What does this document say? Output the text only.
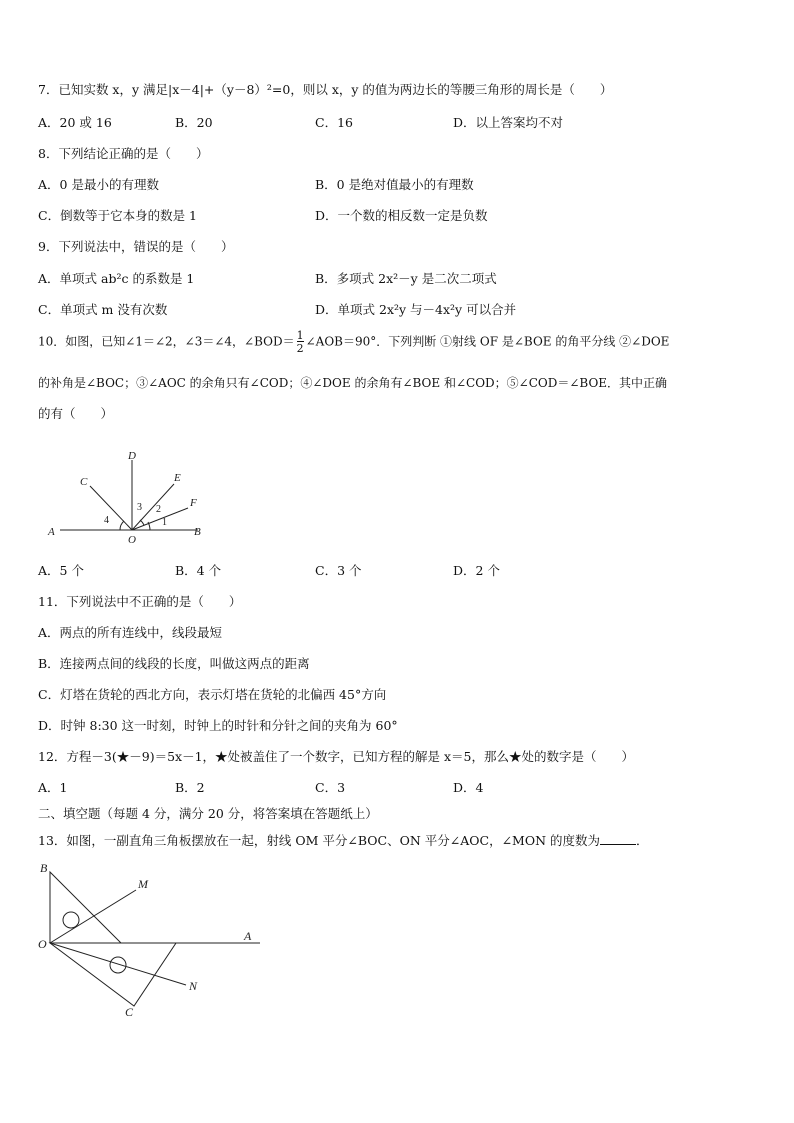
7．已知实数 x，y 满足|x－4|+（y－8）²=0，则以 x，y 的值为两边长的等腰三角形的周长是（　　）
A．20 或 16	B．20	C．16	D．以上答案均不对
8．下列结论正确的是（　　）
A．0 是最小的有理数	B．0 是绝对值最小的有理数
C．倒数等于它本身的数是 1	D．一个数的相反数一定是负数
9．下列说法中，错误的是（　　）
A．单项式 ab²c 的系数是 1	B．多项式 2x²－y 是二次二项式
C．单项式 m 没有次数	D．单项式 2x²y 与－4x²y 可以合并
10．如图，已知∠1＝∠2，∠3＝∠4，∠BOD＝ $\frac{1}{2}$ ∠AOB＝90°．下列判断 ①射线 OF 是∠BOE 的角平分线 ②∠DOE
的补角是∠BOC；③∠AOC 的余角只有∠COD；④∠DOE 的余角有∠BOE 和∠COD；⑤∠COD＝∠BOE．其中正确
的有（　　）
A	B
C
D
E
F
O
1
2
3
4
A．5 个	B．4 个	C．3 个	D．2 个
11．下列说法中不正确的是（　　）
A．两点的所有连线中，线段最短
B．连接两点间的线段的长度，叫做这两点的距离
C．灯塔在货轮的西北方向，表示灯塔在货轮的北偏西 45°方向
D．时钟 8:30 这一时刻，时钟上的时针和分针之间的夹角为 60°
12．方程－3(★－9)＝5x－1，★处被盖住了一个数字，已知方程的解是 x＝5，那么★处的数字是（　　）
A．1	B．2	C．3	D．4
二、填空题（每题 4 分，满分 20 分，将答案填在答题纸上）
13．如图，一副直角三角板摆放在一起，射线 OM 平分∠BOC、ON 平分∠AOC，∠MON 的度数为	．
B
M
O
A
N
C
